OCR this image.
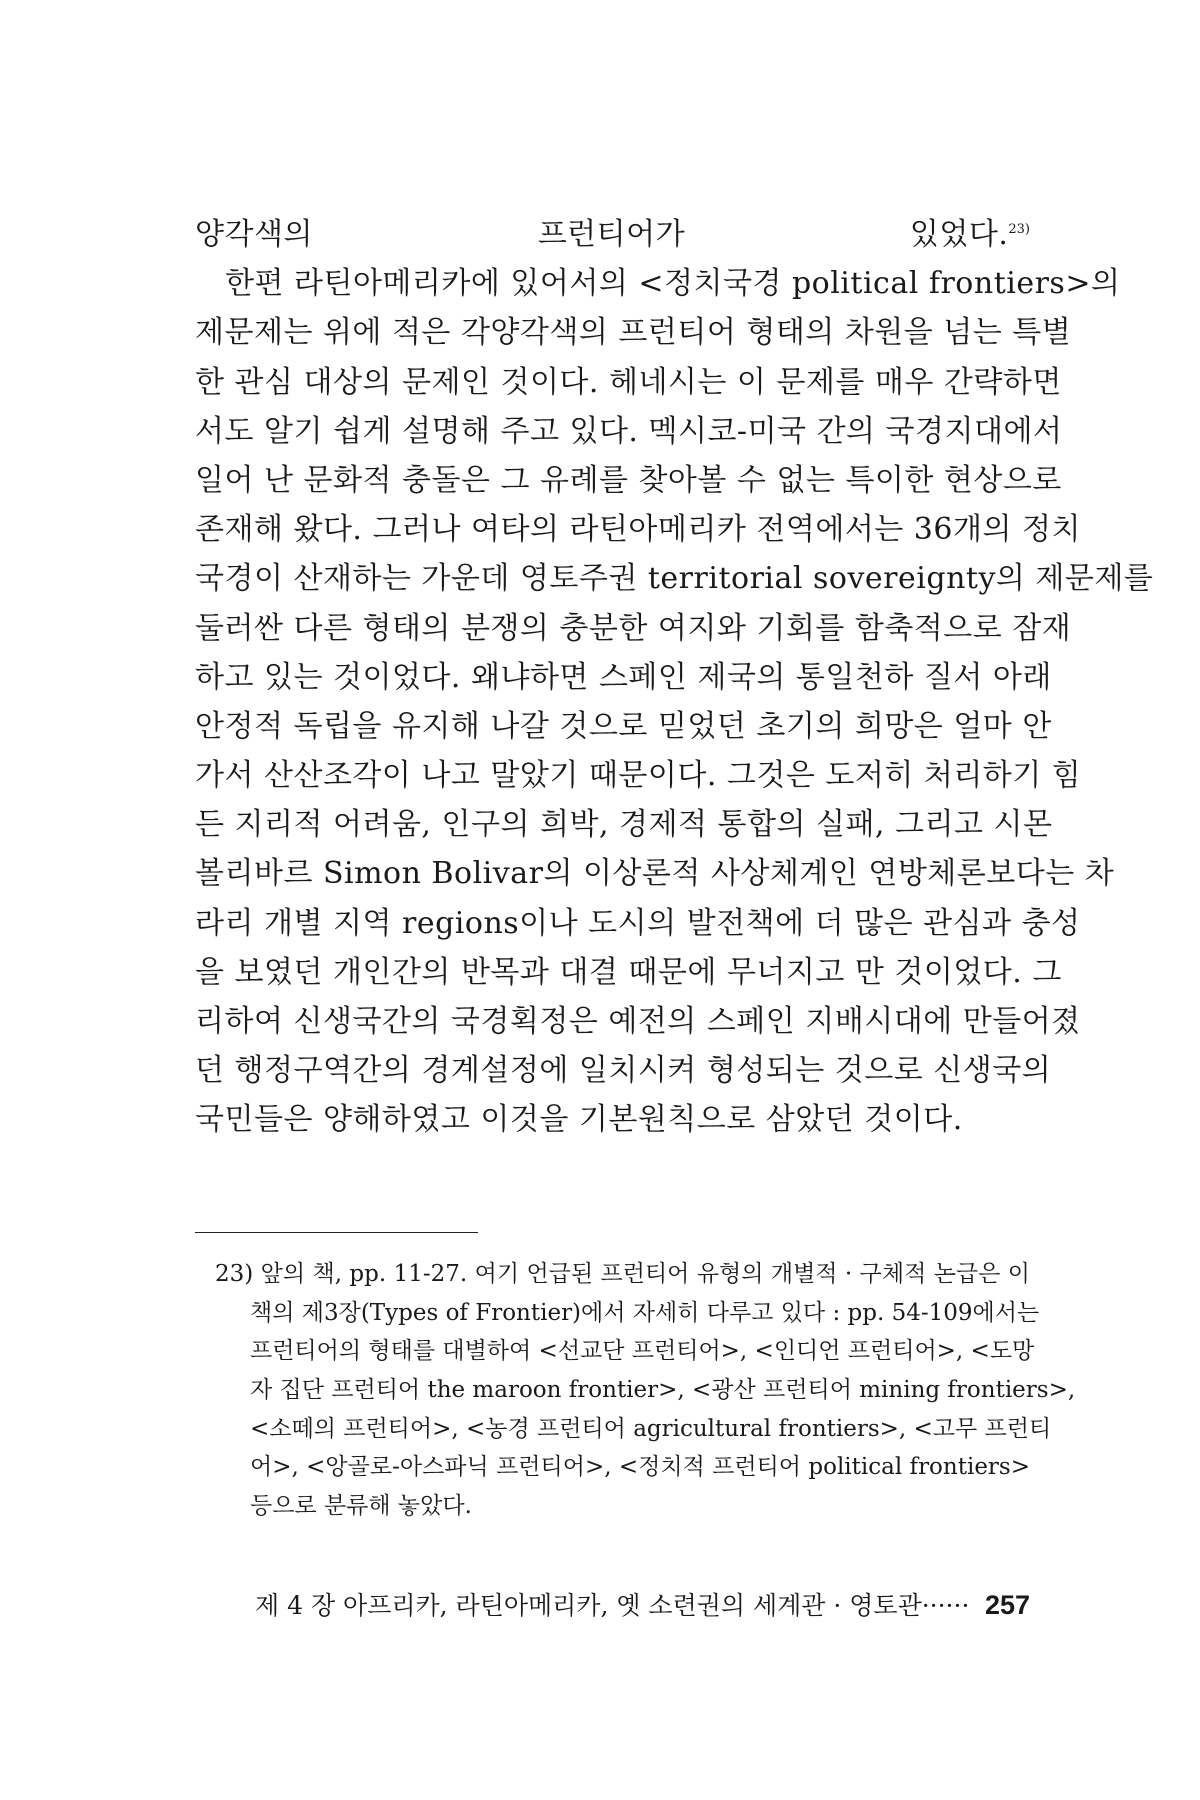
양각색의 프런티어가 있었다.$^{23)}$
한편 라틴아메리카에 있어서의 <정치국경 political frontiers>의
제문제는 위에 적은 각양각색의 프런티어 형태의 차원을 넘는 특별
한 관심 대상의 문제인 것이다. 헤네시는 이 문제를 매우 간략하면
서도 알기 쉽게 설명해 주고 있다. 멕시코-미국 간의 국경지대에서
일어 난 문화적 충돌은 그 유례를 찾아볼 수 없는 특이한 현상으로
존재해 왔다. 그러나 여타의 라틴아메리카 전역에서는 36개의 정치
국경이 산재하는 가운데 영토주권 territorial sovereignty의 제문제를
둘러싼 다른 형태의 분쟁의 충분한 여지와 기회를 함축적으로 잠재
하고 있는 것이었다. 왜냐하면 스페인 제국의 통일천하 질서 아래
안정적 독립을 유지해 나갈 것으로 믿었던 초기의 희망은 얼마 안
가서 산산조각이 나고 말았기 때문이다. 그것은 도저히 처리하기 힘
든 지리적 어려움, 인구의 희박, 경제적 통합의 실패, 그리고 시몬
볼리바르 Simon Bolivar의 이상론적 사상체계인 연방체론보다는 차
라리 개별 지역 regions이나 도시의 발전책에 더 많은 관심과 충성
을 보였던 개인간의 반목과 대결 때문에 무너지고 만 것이었다. 그
리하여 신생국간의 국경획정은 예전의 스페인 지배시대에 만들어졌
던 행정구역간의 경계설정에 일치시켜 형성되는 것으로 신생국의
국민들은 양해하였고 이것을 기본원칙으로 삼았던 것이다.
23) 앞의 책, pp. 11-27. 여기 언급된 프런티어 유형의 개별적 · 구체적 논급은 이
책의 제3장(Types of Frontier)에서 자세히 다루고 있다 : pp. 54-109에서는
프런티어의 형태를 대별하여 <선교단 프런티어>, <인디언 프런티어>, <도망
자 집단 프런티어 the maroon frontier>, <광산 프런티어 mining frontiers>,
<소떼의 프런티어>, <농경 프런티어 agricultural frontiers>, <고무 프런티
어>, <앙골로-아스파닉 프런티어>, <정치적 프런티어 political frontiers>
등으로 분류해 놓았다.
제 4 장 아프리카, 라틴아메리카, 옛 소련권의 세계관 · 영토관······ 257
